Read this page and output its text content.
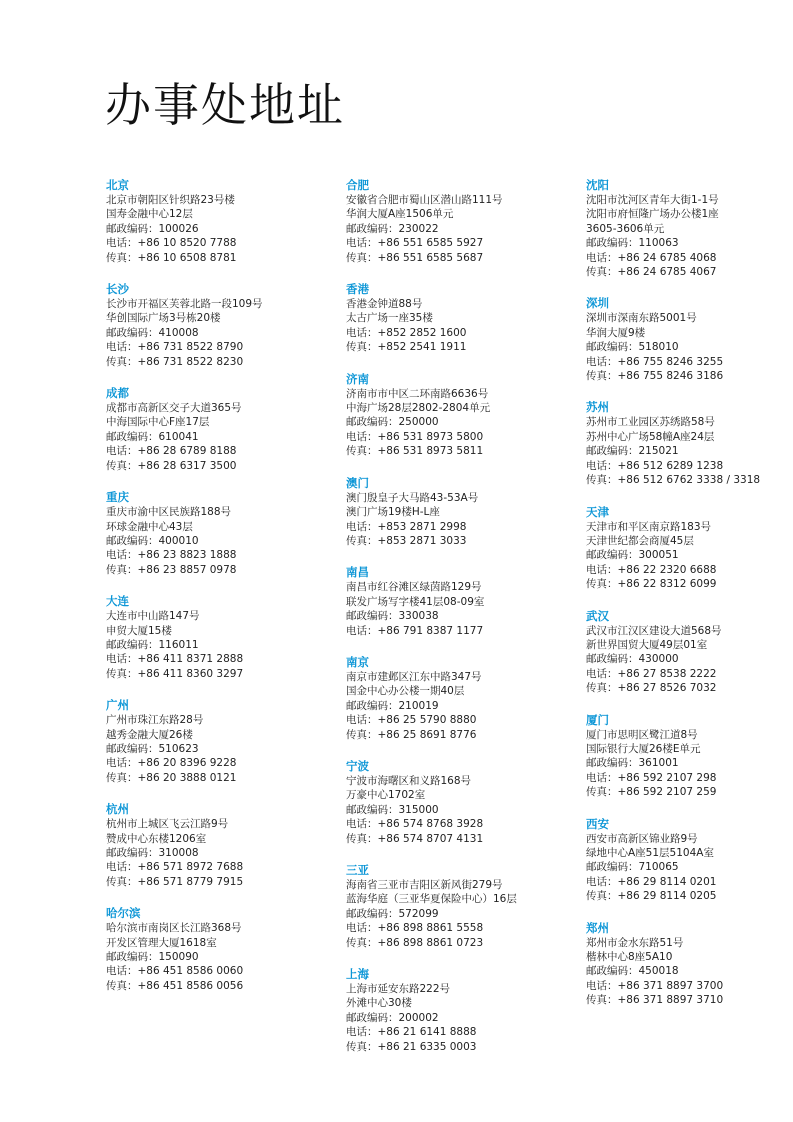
办事处地址
北京
北京市朝阳区针织路23号楼
国寿金融中心12层
邮政编码：100026
电话：+86 10 8520 7788
传真：+86 10 6508 8781
长沙
长沙市开福区芙蓉北路一段109号
华创国际广场3号栋20楼
邮政编码：410008
电话：+86 731 8522 8790
传真：+86 731 8522 8230
成都
成都市高新区交子大道365号
中海国际中心F座17层
邮政编码：610041
电话：+86 28 6789 8188
传真：+86 28 6317 3500
重庆
重庆市渝中区民族路188号
环球金融中心43层
邮政编码：400010
电话：+86 23 8823 1888
传真：+86 23 8857 0978
大连
大连市中山路147号
申贸大厦15楼
邮政编码：116011
电话：+86 411 8371 2888
传真：+86 411 8360 3297
广州
广州市珠江东路28号
越秀金融大厦26楼
邮政编码：510623
电话：+86 20 8396 9228
传真：+86 20 3888 0121
杭州
杭州市上城区飞云江路9号
赞成中心东楼1206室
邮政编码：310008
电话：+86 571 8972 7688
传真：+86 571 8779 7915
哈尔滨
哈尔滨市南岗区长江路368号
开发区管理大厦1618室
邮政编码：150090
电话：+86 451 8586 0060
传真：+86 451 8586 0056
合肥
安徽省合肥市蜀山区潜山路111号
华润大厦A座1506单元
邮政编码：230022
电话：+86 551 6585 5927
传真：+86 551 6585 5687
香港
香港金钟道88号
太古广场一座35楼
电话：+852 2852 1600
传真：+852 2541 1911
济南
济南市市中区二环南路6636号
中海广场28层2802-2804单元
邮政编码：250000
电话：+86 531 8973 5800
传真：+86 531 8973 5811
澳门
澳门殷皇子大马路43-53A号
澳门广场19楼H-L座
电话：+853 2871 2998
传真：+853 2871 3033
南昌
南昌市红谷滩区绿茵路129号
联发广场写字楼41层08-09室
邮政编码：330038
电话：+86 791 8387 1177
南京
南京市建邺区江东中路347号
国金中心办公楼一期40层
邮政编码：210019
电话：+86 25 5790 8880
传真：+86 25 8691 8776
宁波
宁波市海曙区和义路168号
万豪中心1702室
邮政编码：315000
电话：+86 574 8768 3928
传真：+86 574 8707 4131
三亚
海南省三亚市吉阳区新风街279号
蓝海华庭（三亚华夏保险中心）16层
邮政编码：572099
电话：+86 898 8861 5558
传真：+86 898 8861 0723
上海
上海市延安东路222号
外滩中心30楼
邮政编码：200002
电话：+86 21 6141 8888
传真：+86 21 6335 0003
沈阳
沈阳市沈河区青年大街1-1号
沈阳市府恒隆广场办公楼1座
3605-3606单元
邮政编码：110063
电话：+86 24 6785 4068
传真：+86 24 6785 4067
深圳
深圳市深南东路5001号
华润大厦9楼
邮政编码：518010
电话：+86 755 8246 3255
传真：+86 755 8246 3186
苏州
苏州市工业园区苏绣路58号
苏州中心广场58幢A座24层
邮政编码：215021
电话：+86 512 6289 1238
传真：+86 512 6762 3338 / 3318
天津
天津市和平区南京路183号
天津世纪都会商厦45层
邮政编码：300051
电话：+86 22 2320 6688
传真：+86 22 8312 6099
武汉
武汉市江汉区建设大道568号
新世界国贸大厦49层01室
邮政编码：430000
电话：+86 27 8538 2222
传真：+86 27 8526 7032
厦门
厦门市思明区鹭江道8号
国际银行大厦26楼E单元
邮政编码：361001
电话：+86 592 2107 298
传真：+86 592 2107 259
西安
西安市高新区锦业路9号
绿地中心A座51层5104A室
邮政编码：710065
电话：+86 29 8114 0201
传真：+86 29 8114 0205
郑州
郑州市金水东路51号
楷林中心8座5A10
邮政编码：450018
电话：+86 371 8897 3700
传真：+86 371 8897 3710
